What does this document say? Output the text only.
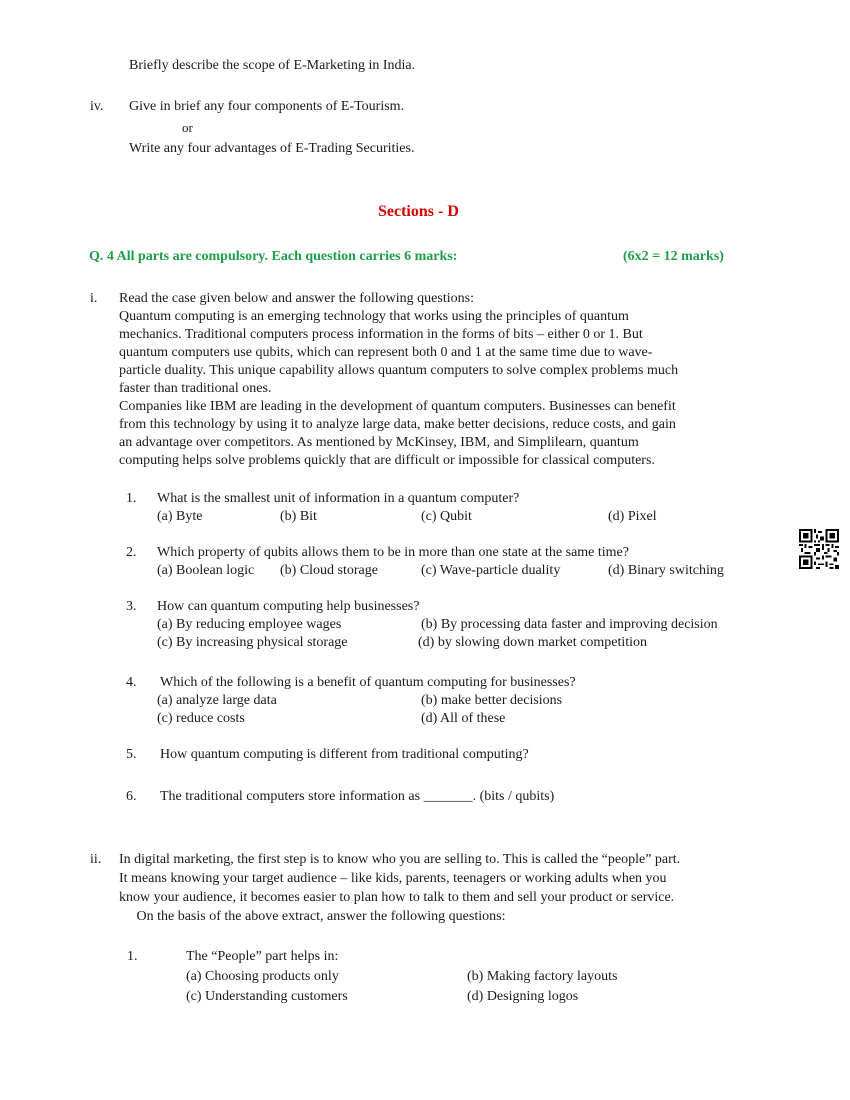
Briefly describe the scope of E-Marketing in India.
iv. Give in brief any four components of E-Tourism.
or
Write any four advantages of E-Trading Securities.
Sections - D
Q. 4 All parts are compulsory. Each question carries 6 marks:	(6x2 = 12 marks)
i. Read the case given below and answer the following questions:
Quantum computing is an emerging technology that works using the principles of quantum
mechanics. Traditional computers process information in the forms of bits – either 0 or 1. But
quantum computers use qubits, which can represent both 0 and 1 at the same time due to wave-
particle duality. This unique capability allows quantum computers to solve complex problems much
faster than traditional ones.
Companies like IBM are leading in the development of quantum computers. Businesses can benefit
from this technology by using it to analyze large data, make better decisions, reduce costs, and gain
an advantage over competitors. As mentioned by McKinsey, IBM, and Simplilearn, quantum
computing helps solve problems quickly that are difficult or impossible for classical computers.
1. What is the smallest unit of information in a quantum computer?
(a) Byte	(b) Bit	(c) Qubit	(d) Pixel
2. Which property of qubits allows them to be in more than one state at the same time?
(a) Boolean logic (b) Cloud storage	(c) Wave-particle duality	(d) Binary switching
3. How can quantum computing help businesses?
(a) By reducing employee wages	(b) By processing data faster and improving decision
(c) By increasing physical storage	(d) by slowing down market competition
4. Which of the following is a benefit of quantum computing for businesses?
(a) analyze large data	(b) make better decisions
(c) reduce costs	(d) All of these
5. How quantum computing is different from traditional computing?
6. The traditional computers store information as _______. (bits / qubits)
ii. In digital marketing, the first step is to know who you are selling to. This is called the “people” part.
It means knowing your target audience – like kids, parents, teenagers or working adults when you
know your audience, it becomes easier to plan how to talk to them and sell your product or service.
On the basis of the above extract, answer the following questions:
1.	The “People” part helps in:
(a) Choosing products only	(b) Making factory layouts
(c) Understanding customers	(d) Designing logos
